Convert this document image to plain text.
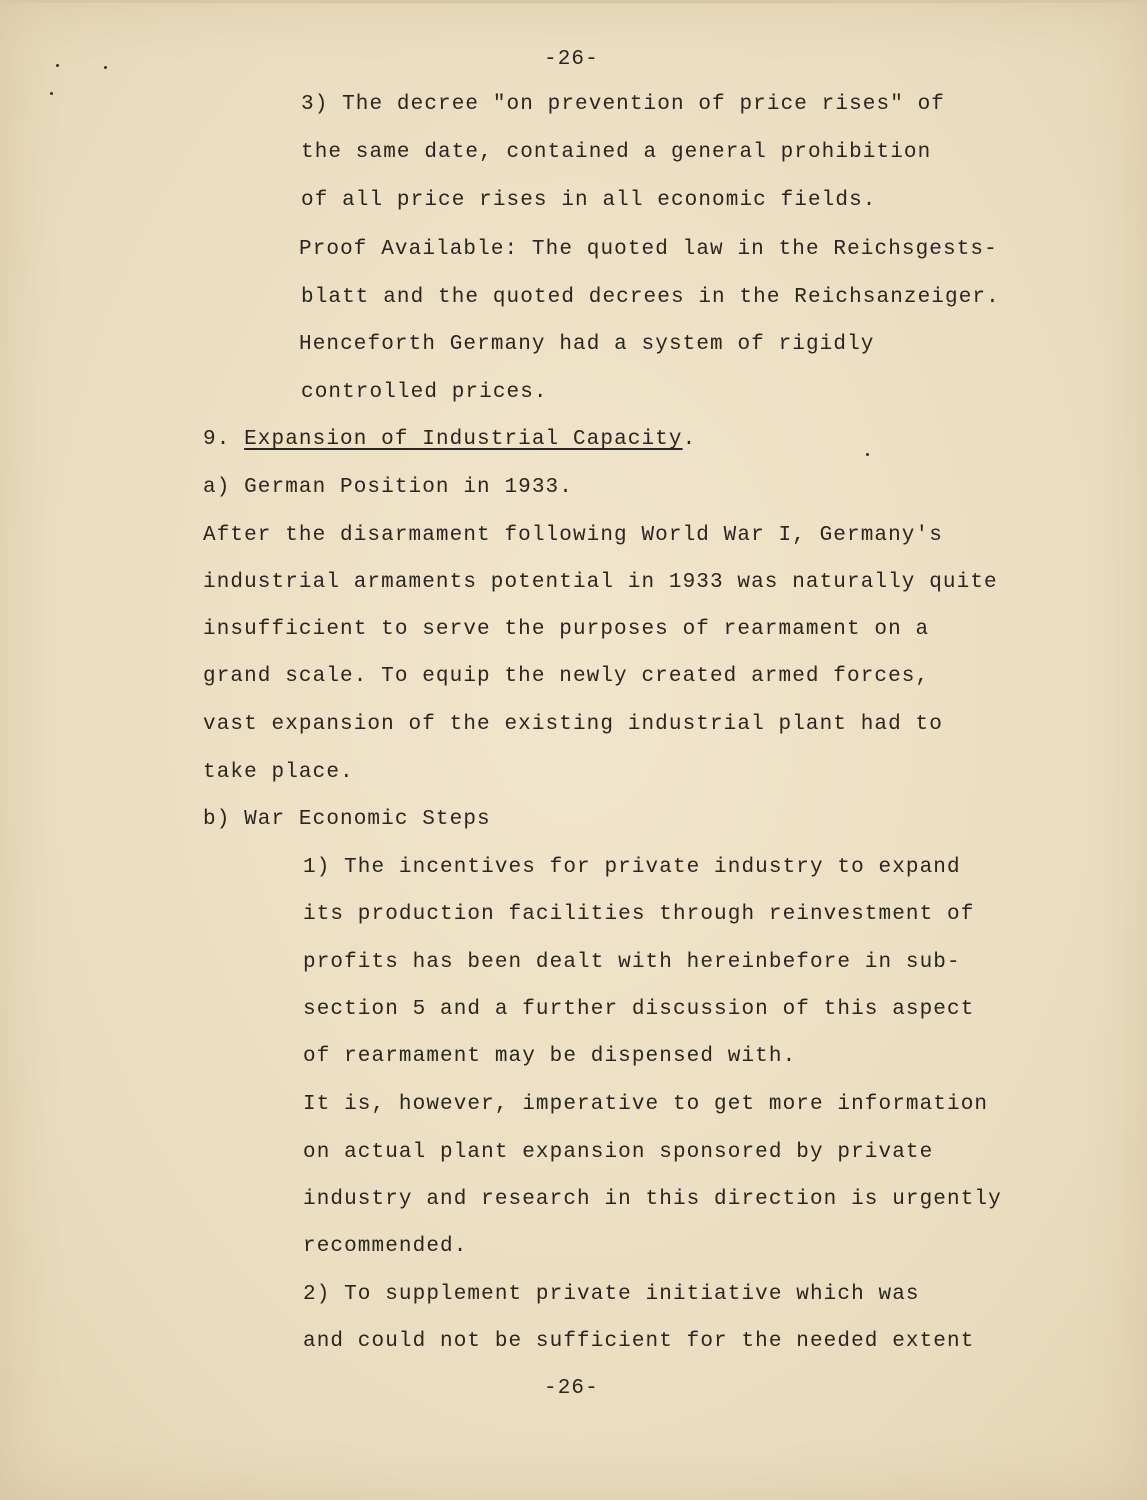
-26-
3) The decree "on prevention of price rises" of
the same date, contained a general prohibition
of all price rises in all economic fields.
Proof Available: The quoted law in the Reichsgests-
blatt and the quoted decrees in the Reichsanzeiger.
Henceforth Germany had a system of rigidly
controlled prices.
9. Expansion of Industrial Capacity.
a) German Position in 1933.
After the disarmament following World War I, Germany's
industrial armaments potential in 1933 was naturally quite
insufficient to serve the purposes of rearmament on a
grand scale. To equip the newly created armed forces,
vast expansion of the existing industrial plant had to
take place.
b) War Economic Steps
1) The incentives for private industry to expand
its production facilities through reinvestment of
profits has been dealt with hereinbefore in sub-
section 5 and a further discussion of this aspect
of rearmament may be dispensed with.
It is, however, imperative to get more information
on actual plant expansion sponsored by private
industry and research in this direction is urgently
recommended.
2) To supplement private initiative which was
and could not be sufficient for the needed extent
-26-
